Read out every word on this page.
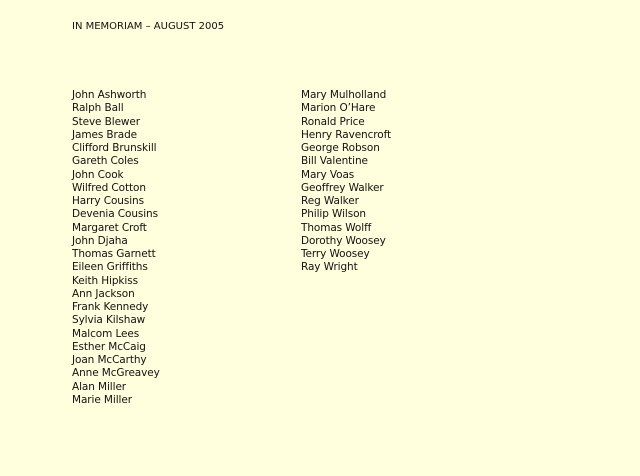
IN MEMORIAM – AUGUST 2005
John Ashworth
Ralph Ball
Steve Blewer
James Brade
Clifford Brunskill
Gareth Coles
John Cook
Wilfred Cotton
Harry Cousins
Devenia Cousins
Margaret Croft
John Djaha
Thomas Garnett
Eileen Griffiths
Keith Hipkiss
Ann Jackson
Frank Kennedy
Sylvia Kilshaw
Malcom Lees
Esther McCaig
Joan McCarthy
Anne McGreavey
Alan Miller
Marie Miller
Mary Mulholland
Marion O’Hare
Ronald Price
Henry Ravencroft
George Robson
Bill Valentine
Mary Voas
Geoffrey Walker
Reg Walker
Philip Wilson
Thomas Wolff
Dorothy Woosey
Terry Woosey
Ray Wright
